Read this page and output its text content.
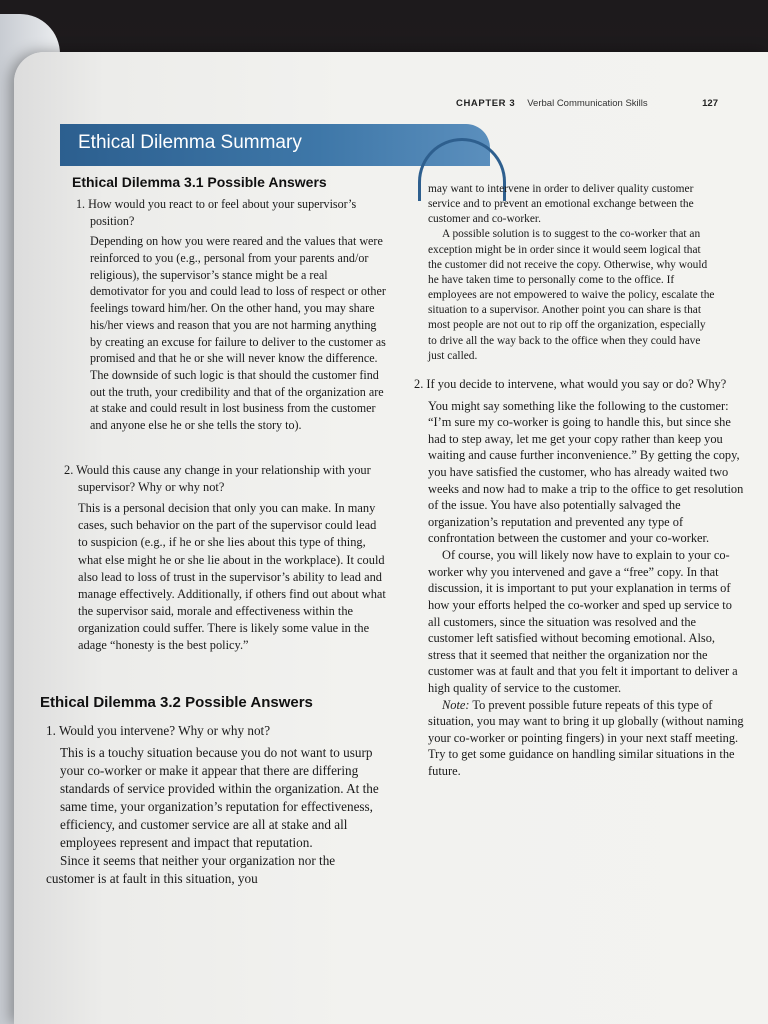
CHAPTER 3 Verbal Communication Skills	127
Ethical Dilemma Summary
Ethical Dilemma 3.1 Possible Answers

1. How would you react to or feel about your supervisor’s position?

Depending on how you were reared and the values that were reinforced to you (e.g., personal from your parents and/or religious), the supervisor’s stance might be a real demotivator for you and could lead to loss of respect or other feelings toward him/her. On the other hand, you may share his/her views and reason that you are not harming anything by creating an excuse for failure to deliver to the customer as promised and that he or she will never know the difference. The downside of such logic is that should the customer find out the truth, your credibility and that of the organization are at stake and could result in lost business from the customer and anyone else he or she tells the story to).

2. Would this cause any change in your relationship with your supervisor? Why or why not?

This is a personal decision that only you can make. In many cases, such behavior on the part of the supervisor could lead to suspicion (e.g., if he or she lies about this type of thing, what else might he or she lie about in the workplace). It could also lead to loss of trust in the supervisor’s ability to lead and manage effectively. Additionally, if others find out about what the supervisor said, morale and effectiveness within the organization could suffer. There is likely some value in the adage “honesty is the best policy.”

Ethical Dilemma 3.2 Possible Answers

1. Would you intervene? Why or why not?

This is a touchy situation because you do not want to usurp your co-worker or make it appear that there are differing standards of service provided within the organization. At the same time, your organization’s reputation for effectiveness, efficiency, and customer service are all at stake and all employees represent and impact that reputation.

Since it seems that neither your organization nor the customer is at fault in this situation, you

may want to intervene in order to deliver quality customer service and to prevent an emotional exchange between the customer and co-worker.

A possible solution is to suggest to the co-worker that an exception might be in order since it would seem logical that the customer did not receive the copy. Otherwise, why would he have taken time to personally come to the office. If employees are not empowered to waive the policy, escalate the situation to a supervisor. Another point you can share is that most people are not out to rip off the organization, especially to drive all the way back to the office when they could have just called.

2. If you decide to intervene, what would you say or do? Why?

You might say something like the following to the customer: “I’m sure my co-worker is going to handle this, but since she had to step away, let me get your copy rather than keep you waiting and cause further inconvenience.” By getting the copy, you have satisfied the customer, who has already waited two weeks and now had to make a trip to the office to get resolution of the issue. You have also potentially salvaged the organization’s reputation and prevented any type of confrontation between the customer and your co-worker.

Of course, you will likely now have to explain to your co-worker why you intervened and gave a “free” copy. In that discussion, it is important to put your explanation in terms of how your efforts helped the co-worker and sped up service to all customers, since the situation was resolved and the customer left satisfied without becoming emotional. Also, stress that it seemed that neither the organization nor the customer was at fault and that you felt it important to deliver a high quality of service to the customer.

Note: To prevent possible future repeats of this type of situation, you may want to bring it up globally (without naming your co-worker or pointing fingers) in your next staff meeting. Try to get some guidance on handling similar situations in the future.
